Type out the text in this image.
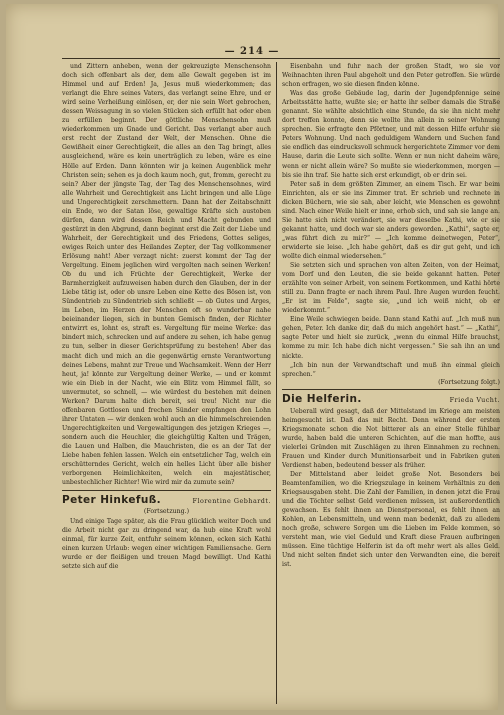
— 214 —

und Zittern anheben, wenn der gekreuzigte Menschensohn doch sich offenbart als der, dem alle Gewalt gegeben ist im Himmel und auf Erden! Ja, Jesus muß wiederkommen; das verlangt die Ehre seines Vaters, das verlangt seine Ehre, und er wird seine Verheißung einlösen, er, der nie sein Wort gebrochen, dessen Weissagung in so vielen Stücken sich erfüllt hat oder eben zu erfüllen beginnt. Der göttliche Menschensohn muß wiederkommen um Gnade und Gericht. Das verlangt aber auch erst recht der Zustand der Welt, der Menschen. Ohne die Gewißheit einer Gerechtigkeit, die alles an den Tag bringt, alles ausgleichend, wäre es kein unerträglich zu leben, wäre es eine Hölle auf Erden. Dann könnten wir ja keinen Augenblick mehr Christen sein; sehen es ja doch kaum noch, gut, fromm, gerecht zu sein? Aber der jüngste Tag, der Tag des Menschensohnes, wird alle Wahrheit und Gerechtigkeit ans Licht bringen und alle Lüge und Ungerechtigkeit zerschmettern. Dann hat der Zeitabschnitt ein Ende, wo der Satan löse, gewaltige Kräfte sich austoben dürfen, dann wird dessen Reich und Macht gebunden und gestürzt in den Abgrund, dann beginnt erst die Zeit der Liebe und Wahrheit, der Gerechtigkeit und des Friedens, Gottes seliges, ewiges Reich unter des Heilandes Zepter, der Tag vollkommener Erlösung naht! Aber verzagt nicht: zuerst kommt der Tag der Vergeltung. Einem jeglichen wird vergolten nach seinen Werken! Ob du und ich Früchte der Gerechtigkeit, Werke der Barmherzigkeit aufzuweisen haben durch den Glauben, der in der Liebe tätig ist, oder ob unsre Leben eine Kette des Bösen ist, von Sündentrieb zu Sündentrieb sich schließt — ob Gutes und Arges, im Leben, im Herzen der Menschen oft so wunderbar nahe beieinander liegen, sich in bunten Gemisch finden, der Richter entwirrt es, lohnt es, straft es. Vergeltung für meine Werke: das bindert mich, schrecken und auf andere zu sehen, ich habe genug zu tun, selber in dieser Gerichtsprüfung zu bestehen! Aber das macht dich und mich an die gegenwärtig ernste Verantwortung deines Lebens, mahnt zur Treue und Wachsamkeit. Wenn der Herr heut, ja! könnte zur Vergeltung deiner Werke, — und er kommt wie ein Dieb in der Nacht, wie ein Blitz vom Himmel fällt, so unvermutet, so schnell, — wie würdest du bestehen mit deinen Werken? Darum halte dich bereit, sei treu! Nicht nur die offenbaren Gottlosen und frechen Sünder empfangen den Lohn ihrer Untaten — wir denken wohl auch an die himmelschreienden Ungerechtigkeiten und Vergewaltigungen des jetzigen Krieges —, sondern auch die Heuchler, die gleichgültig Kalten und Trägen, die Lauen und Halben, die Mauchristen, die es an der Tat der Liebe haben fehlen lassen. Welch ein entsetzlicher Tag, welch ein erschütterndes Gericht, welch ein helles Licht über alle bisher verborgenen Heimlichkeiten, welch ein majestätischer, unbestechlicher Richter! Wie wird mir da zumute sein?

Peter Hinkefuß.	Florentine Gebhardt.
(Fortsetzung.)

Und einige Tage später, als die Frau glücklich weiter Doch und die Arbeit nicht gar zu dringend war, da hub eine Kraft wohl einmal, für kurze Zeit, entfuhr seinem können, ecken sich Kathi einen kurzen Urlaub: wegen einer wichtigen Familiensache. Gern wurde er der fleißigen und treuen Magd bewilligt. Und Kathi setzte sich auf die

Eisenbahn und fuhr nach der großen Stadt, wo sie vor Weihnachten ihren Paul abgeholt und den Peter getroffen. Sie würde schon erfragen, wo sie diesen finden könne.

Was das große Gebäude lag, darin der Jugendpfennige seine Arbeitsstätte hatte, wußte sie; er hatte ihr selber damals die Straße genannt. Sie wählte absichtlich eine Stunde, da sie ihn nicht mehr dort treffen konnte, denn sie wollte ihn allein in seiner Wohnung sprechen. Sie erfragte den Pförtner, und mit dessen Hilfe erfuhr sie Peters Wohnung. Und nach geduldigem Wandern und Suchen fand sie endlich das eindrucksvoll schmuck hergerichtete Zimmer vor dem Hause, darin die Leute sich sollte. Wenn er nun nicht daheim wäre, wenn er nicht allein wäre? So mußte sie wiederkommen, morgen — bis sie ihn traf. Sie hatte sich erst erkundigt, ob er drin sei.

Peter saß in dem größten Zimmer, an einem Tisch. Er war beim Einrichten, als er sie ins Zimmer trat. Er schrieb und rechnete in dicken Büchern, wie sie sah, aber leicht, wie Menschen es gewohnt sind. Nach einer Weile hielt er inne, erhob sich, und sah sie lange an. Sie hatte sich nicht verändert, sie war dieselbe Kathi, wie er sie gekannt hatte, und doch war sie anders geworden. „Kathi“, sagte er, „was führt dich zu mir?“ — „Ich komme deinetwegen, Peter“, erwiderte sie leise. „Ich habe gehört, daß es dir gut geht, und ich wollte dich einmal wiedersehen.“

Sie setzten sich und sprachen von alten Zeiten, von der Heimat, vom Dorf und den Leuten, die sie beide gekannt hatten. Peter erzählte von seiner Arbeit, von seinem Fortkommen, und Kathi hörte still zu. Dann fragte er nach ihrem Paul. Ihre Augen wurden feucht. „Er ist im Felde“, sagte sie, „und ich weiß nicht, ob er wiederkommt.“

Eine Weile schwiegen beide. Dann stand Kathi auf. „Ich muß nun gehen, Peter. Ich danke dir, daß du mich angehört hast.“ — „Kathi“, sagte Peter und hielt sie zurück, „wenn du einmal Hilfe brauchst, komme zu mir. Ich habe dich nicht vergessen.“ Sie sah ihn an und nickte.

„Ich bin nun der Verwandtschaft und muß ihn einmal gleich sprechen.“

(Fortsetzung folgt.)
Die Helferin.	Frieda Vucht.

Ueberall wird gesagt, daß der Mittelstand im Kriege am meisten heimgesucht ist. Daß das mit Recht. Denn während der ersten Kriegsmonate schon die Not bitterer als an einer Stelle fühlbar wurde, haben bald die unteren Schichten, auf die man hoffte, aus vielerlei Gründen mit Zuschlägen zu ihren Einnahmen zu rechnen. Frauen und Kinder durch Munitionsarbeit und in Fabriken guten Verdienst haben, bedeutend besser als früher.

Der Mittelstand aber leidet große Not. Besonders bei Beamtenfamilien, wo die Kriegszulage in keinem Verhältnis zu den Kriegsausgaben steht. Die Zahl der Familien, in denen jetzt die Frau und die Töchter selbst Geld verdienen müssen, ist außerordentlich gewachsen. Es fehlt ihnen an Dienstpersonal, es fehlt ihnen an Kohlen, an Lebensmitteln, und wenn man bedenkt, daß zu alledem noch große, schwere Sorgen um die Lieben im Felde kommen, so versteht man, wie viel Geduld und Kraft diese Frauen aufbringen müssen. Eine tüchtige Helferin ist da oft mehr wert als alles Geld. Und nicht selten findet sich unter den Verwandten eine, die bereit ist.
